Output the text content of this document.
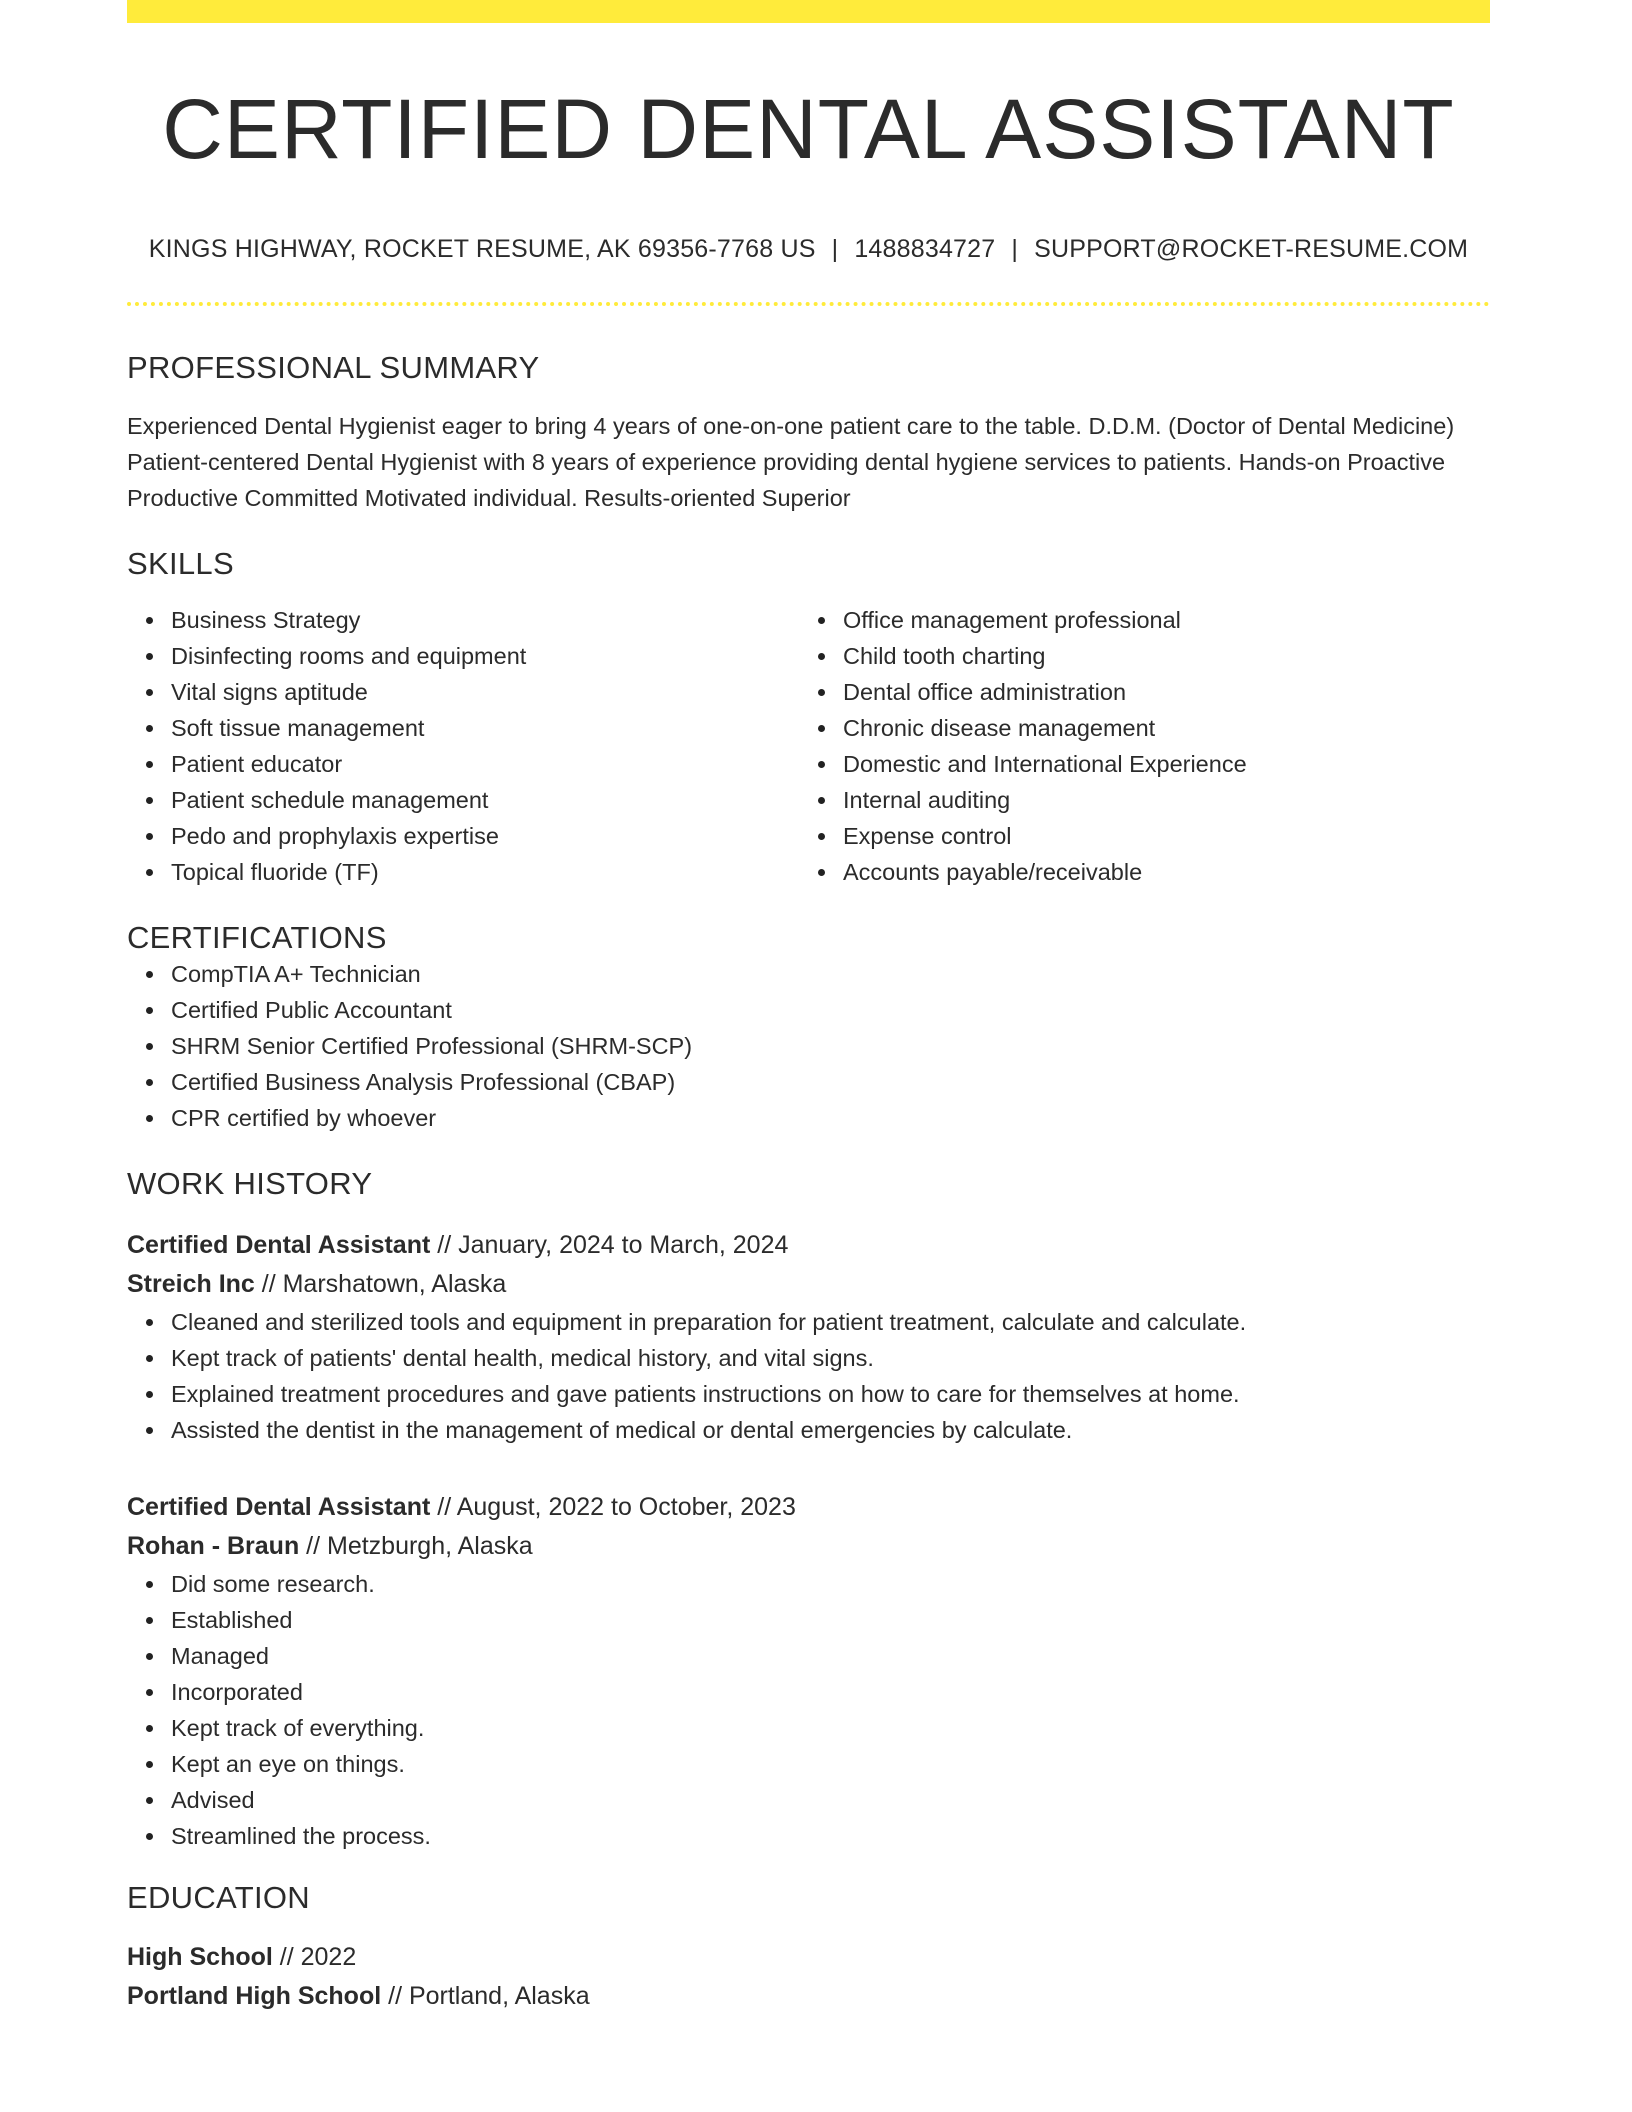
CERTIFIED DENTAL ASSISTANT
KINGS HIGHWAY, ROCKET RESUME, AK 69356-7768 US | 1488834727 | SUPPORT@ROCKET-RESUME.COM
PROFESSIONAL SUMMARY
Experienced Dental Hygienist eager to bring 4 years of one-on-one patient care to the table. D.D.M. (Doctor of Dental Medicine) Patient-centered Dental Hygienist with 8 years of experience providing dental hygiene services to patients. Hands-on Proactive Productive Committed Motivated individual. Results-oriented Superior
SKILLS
Business Strategy
Disinfecting rooms and equipment
Vital signs aptitude
Soft tissue management
Patient educator
Patient schedule management
Pedo and prophylaxis expertise
Topical fluoride (TF)
Office management professional
Child tooth charting
Dental office administration
Chronic disease management
Domestic and International Experience
Internal auditing
Expense control
Accounts payable/receivable
CERTIFICATIONS
CompTIA A+ Technician
Certified Public Accountant
SHRM Senior Certified Professional (SHRM-SCP)
Certified Business Analysis Professional (CBAP)
CPR certified by whoever
WORK HISTORY
Certified Dental Assistant // January, 2024 to March, 2024
Streich Inc // Marshatown, Alaska
Cleaned and sterilized tools and equipment in preparation for patient treatment, calculate and calculate.
Kept track of patients' dental health, medical history, and vital signs.
Explained treatment procedures and gave patients instructions on how to care for themselves at home.
Assisted the dentist in the management of medical or dental emergencies by calculate.
Certified Dental Assistant // August, 2022 to October, 2023
Rohan - Braun // Metzburgh, Alaska
Did some research.
Established
Managed
Incorporated
Kept track of everything.
Kept an eye on things.
Advised
Streamlined the process.
EDUCATION
High School // 2022
Portland High School // Portland, Alaska
